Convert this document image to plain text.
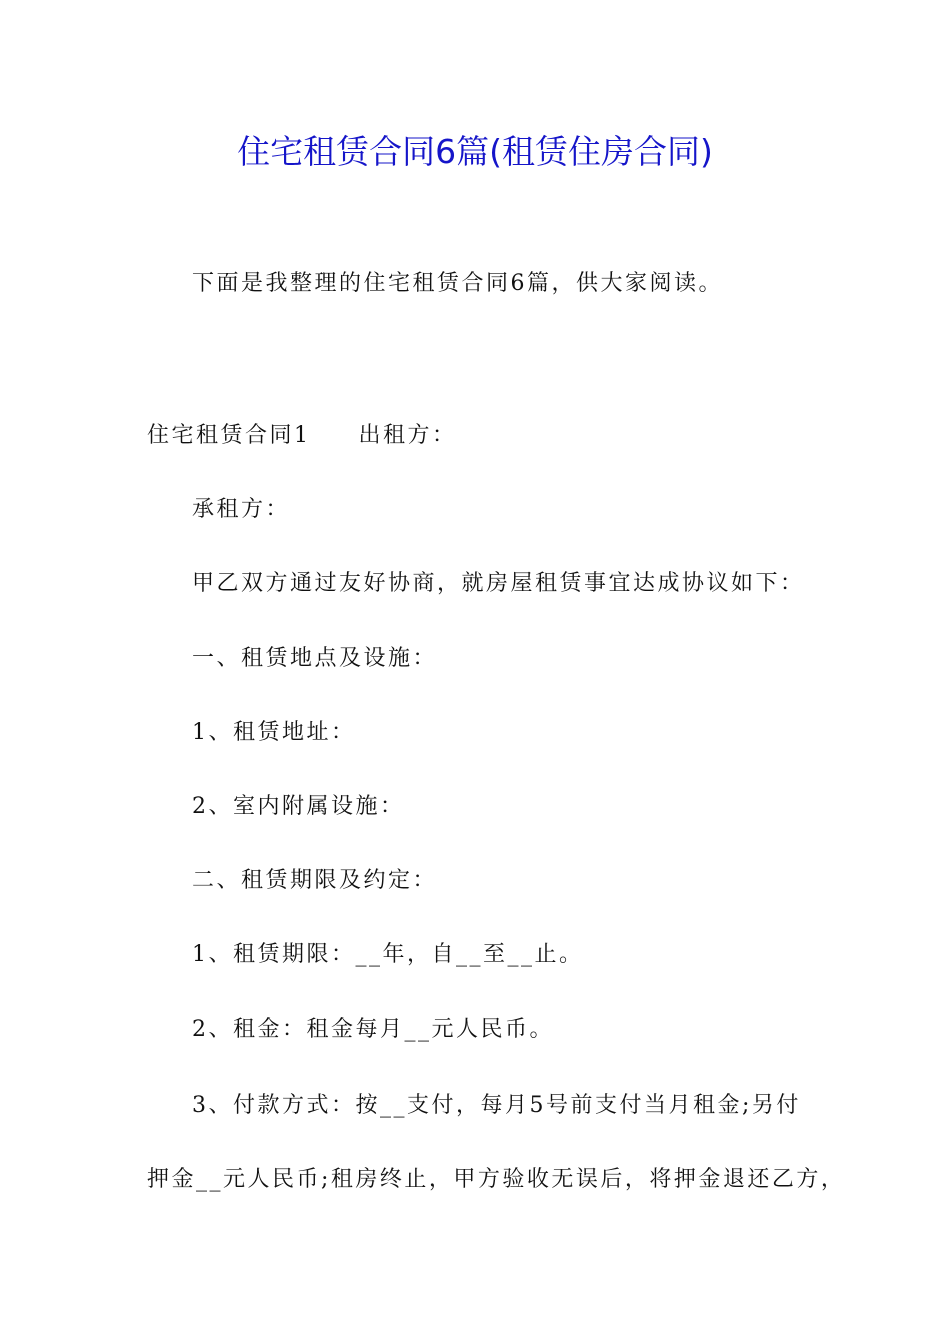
住宅租赁合同6篇(租赁住房合同)
下面是我整理的住宅租赁合同6篇，供大家阅读。
住宅租赁合同1 出租方：
承租方：
甲乙双方通过友好协商，就房屋租赁事宜达成协议如下：
一、租赁地点及设施：
1、租赁地址：
2、室内附属设施：
二、租赁期限及约定：
1、租赁期限：__年，自__至__止。
2、租金：租金每月__元人民币。
3、付款方式：按__支付，每月5号前支付当月租金;另付
押金__元人民币;租房终止，甲方验收无误后，将押金退还乙方，
